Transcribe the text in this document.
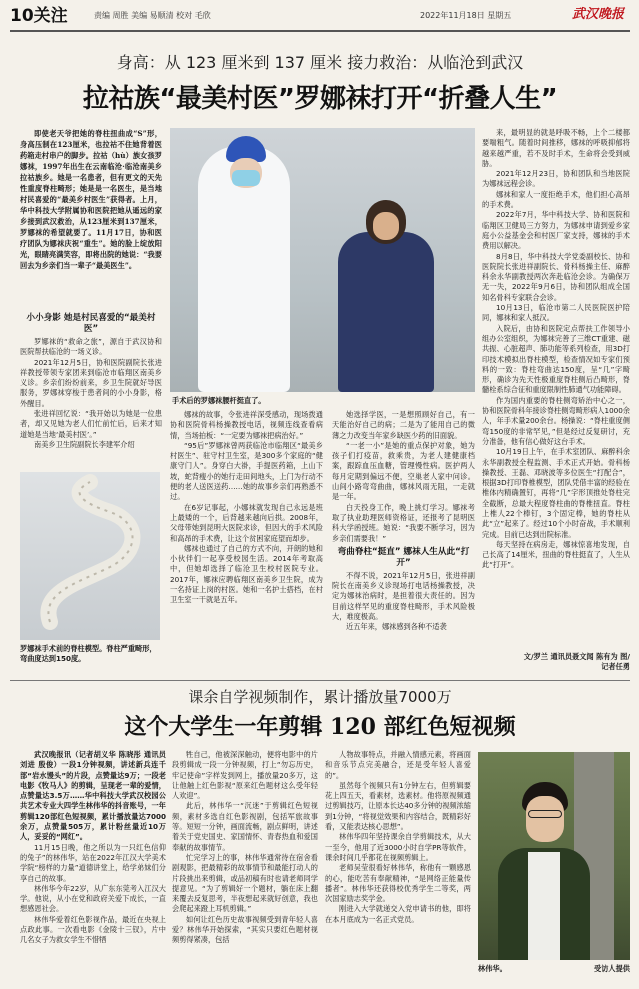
10关注	责编 周胜 美编 易顺清 校对 毛欣	2022年11月18日 星期五	武汉晚报
身高：从 123 厘米到 137 厘米 接力救治：从临沧到武汉
拉祜族“最美村医”罗娜袜打开“折叠人生”

即使老天爷把她的脊柱扭曲成“S”形，身高压制在123厘米，也拉祜不住她背着医药箱走村串户的脚步。拉祜（hù）族女孩罗娜袜，1997年出生在云南临沧·临沧南美乡拉祜族乡。她是一名患者，但有更文的天先性重度脊柱畸形；她是是一名医生，是当地村民喜爱的“最美乡村医生”获得者。上月，华中科技大学附属协和医院把她从遥远的家乡接到武汉救治，从123厘米到137厘米，罗娜袜的希望就要了。11月17日，协和医疗团队为娜袜庆祝“重生”。她的脸上绽放阳光，眼睛亮满笑容，即将出院的她说：“我要回去为乡亲们当一辈子“最美医生”。

小小身影 她是村民喜爱的“最美村医”

罗娜袜的“救命之旅”，源自于武汉协和医院帮扶临沧的一场义诊。

2021年12月5日，协和医院副院长张进祥教授带领专家团来到临沧市临翔区南美乡义诊。乡亲们纷纷前来，乡卫生院就好导医服务，罗娜袜穿梭于患者间的小小身影，格外醒目。

张进祥回忆说：“我开始以为她是一位患者，却又见她为老人们忙前忙后，后来才知道她是当地‘最美村医’。”

南美乡卫生院副院长李建军介绍

手术后的罗娜袜腰杆挺直了。
罗娜袜手术前的脊柱模型。脊柱严重畸形，弯曲度达到150度。

娜袜的故事，令张进祥深受感动，现场拨通协和医院骨科杨操教授电话，视频连线查看病情，当场拍板：“一定要为娜袜把病治好。”

“95后”罗娜袜曾两获临沧市临翔区“最美乡村医生”、驻守村卫生室，是300多个家庭的“健康守门人”。身穿白大褂，手提医药箱，上山下坡，蛇背瘦小的她行走田间地头，上门为行动不便的老人送医送药……她的故事乡亲们再熟悉不过。

在6岁记事起，小娜袜就发现自己永远是班上最矮的一个，后背越来越向后拱。2008年，父母带她到昆明大医院求诊，但因大的手术风险和高昂的手术费，让这个贫困家庭望而却步。

娜袜也通过了自己的方式不向，开朗的她和小伙伴们一起享受校园生活。2014年考取高中，但她却选择了临沧卫生校村医院专业。2017年，娜袜应聘临翔区南美乡卫生院，成为一名持证上岗的村医。她和一名护士搭档，在村卫生室一干就是五年。

她选择学医，一是想照顾好自己，有一天能治好自己的病；二是为了能用自己的微薄之力改变当年家乡缺医少药的旧面貌。

“一老一小”是她的重点保护对象，她为孩子们打疫苗，救乘贵，为老人建健康档案，跟踪血压血糖，管理慢性病。医护两人每月定期到偏远不便，空巢老人家中问诊。山间小路弯弯曲曲，娜袜风雨无阻，一走就是一年。

白天投身工作，晚上挑灯学习。娜袜考取了执业助理医师资格证，还报考了昆明医科大学函授班。她说：“我要不断学习，因为乡亲们需要我！”

弯曲脊柱“挺直” 娜袜人生从此“打开”

不得不说，2021年12月5日，张进祥副院长在南美乡义诊现场打电话杨操教授，决定为娜袜治病时，是担着很大责任的。因为目前这样罕见的重度脊柱畸形，手术风险极大，难度极高。

近五年来，娜袜感到各种不适袭

来，最明显的就是呼吸不畅，上个二楼都要喘粗气。随着时间推移，娜袜的呼吸抑郁将越来越严重，若不及时手术，生命将会受到威胁。

2021年12月23日，协和团队和当地医院为娜袜远程会诊。

娜袜和家人一度拒绝手术，他们担心高昂的手术费。

2022年7月，华中科技大学、协和医院和临翔区卫健局三方努力，为娜袜申请到爱乡家庭小公益基金会和村医厂家支持，娜袜的手术费用以解决。

8月8日，华中科技大学党委副校长、协和医院院长张进祥副院长、骨科杨操主任、麻醉科余永华副教授两次奔赴临沧会诊。为确保万无一失，2022年9月6日，协和团队组成全国知名骨科专家联合会诊。

10月13日，临沧市第二人民医院医护陪同，娜袜和家人抵汉。

入院后，由协和医院定点帮扶工作领导小组办公室组织，为娜袜完善了三维CT重建、磁共振、心脏超声、肺功能等系列检查，用3D打印技术模拟出脊柱模型，检查情况如专家们预料的一致：脊柱弯曲达150度，呈“几”字畸形，确诊为先天性极重度脊柱侧后凸畸形，脊髓栓系综合征和重度限制性肺通气功能障碍。

作为国内重要的脊柱侧弯矫治中心之一，协和医院骨科年接诊脊柱侧弯畸形病人1000余人，年手术量200余台。杨操说：“脊柱重度侧弯150度的非常罕见，”但是经过反复研讨，充分准备，他有信心做好这台手术。

10月19日上午，在手术室团队、麻醉科余永华副教授全程监测、手术正式开始。骨科杨操教授、王磊、邓晓波等多位医生“打配合”，根据3D打印脊椎模型，团队凭借丰富的经验在椎体内精确置钉，再将“几”字形顶推处脊柱完全截断，总最大程度脊柱曲的脊椎扭直。脊柱上椎人22个棒钉，3个固定棒，她的脊柱从此“立”起来了。经过10个小时奋战，手术顺利完成。目前已达到出院标准。

每天坚持在病房走，娜袜惊喜地发现，自己长高了14厘米，扭曲的脊柱挺直了，人生从此“打开”。

文/罗兰 通讯员聂文闻 陈有为 图/记者任勇
课余自学视频制作，累计播放量7000万
这个大学生一年剪辑 120 部红色短视频

武汉晚报讯（记者胡义华 陈晓彤 通讯员刘进 殷俊）一段1分钟视频，讲述新兵连千部“岩水馒头”的片段，点赞量达9万；一段老电影《牧马人》的剪辑，呈现老一辈的爱情，点赞量达3.5万……华中科技大学武汉校园公共艺术专业大四学生林伟华的抖音账号，一年剪辑120部红色短视频，累计播放量达7000余万，点赞量505万，累计粉丝量近10万人，妥妥的“网红”。

11月15日晚，他之所以为一只红色信仰的兔子”的林伟华，站在2022年江汉大学美术学院“榜样的力量”道德讲堂上，给学弟妹们分享自己的故事。

林伟华今年22岁，从广东东莞考入江汉大学。他说，从小在党和政府关爱下成长，一直想感恩社会。

林伟华爱着红色影视作品，最近在央视上点政此事。一次看电影《金陵十三钗》，片中几名女子为救女学生不惜牺

牲自己，他被深深触动，便将电影中的片段剪辑成一段一分钟视频，打上“勿忘历史，牢记使命”字样发到网上，播放量20多万，这让他触上红色影视“原来红色题材这么受年轻人欢迎”。

此后，林伟华一“沉迷”于剪辑红色短视频，素材多选自红色影视剧，包括军旅故事等。短短一分钟，画面流畅，剧点鲜明，讲述着关于党史国史、家国情怀、青春热血和爱国奉献的故事情节。

忙完学习上的事，林伟华通常待在宿舍看剧观影，把最精彩的故事情节和最能打动人的片段挑出来剪辑，或品初稿有时也请老师同学提意见。“为了剪辑好一个题材，躺在床上翻来覆去反复思考，半夜想起来就好创意，我也会爬起来蹬上耳机剪辑。”

如何让红色历史故事视频受到青年轻人喜爱？林伟华开始探索，“其实只要红色题材视频剪得紧凑，包括

人物故事特点，并融入情感元素，将画面和音乐节点完美融合，还是受年轻人喜爱的”。

虽然每个视频只有1分钟左右，但剪辑要花上四五天，看素材，选素材。他将原视频通过剪辑技巧，让原本长达40多分钟的视频浓缩到1分钟，“将视觉效果和内容结合，既精彩好看，又能表达核心思想”。

林伟华四年坚持课余自学剪辑技术，从大一至今，他用了近3000小时自学PR等软件，课余时间几乎都花在视频剪辑上。

老师吴莹很看好林伟华，称他有一颗感恩的心，能吃苦有奉献精神，“是网络正能量传播者”。林伟华还获得校优秀学生二等奖，两次国家励志奖学金。

刚进入大学就递交入党申请书的他，即将在本月底成为一名正式党员。

林伟华。	受访人提供
